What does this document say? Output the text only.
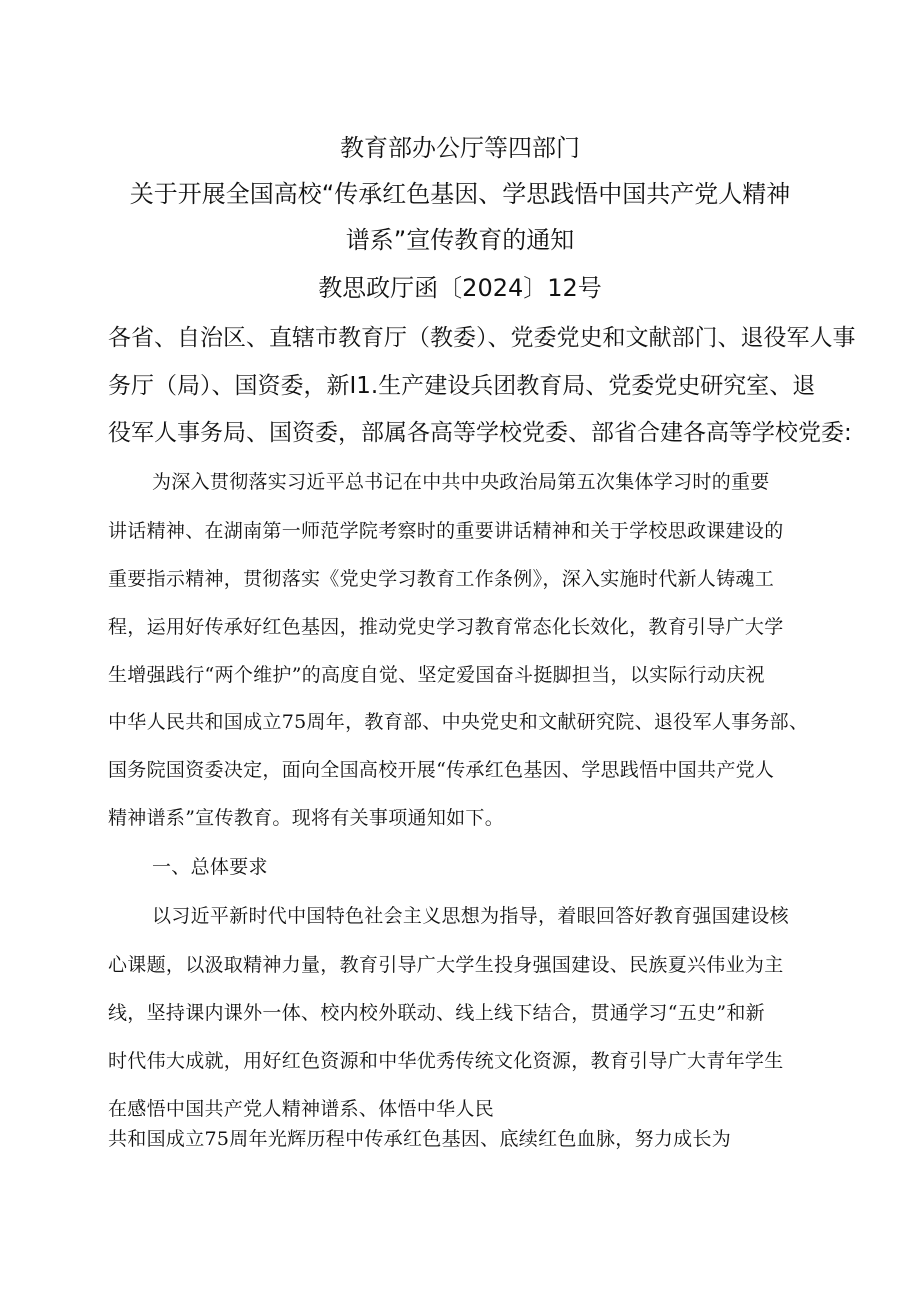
教育部办公厅等四部门

关于开展全国高校“传承红色基因、学思践悟中国共产党人精神

谱系”宣传教育的通知

教思政厅函〔2024〕12号

各省、自治区、直辖市教育厅（教委）、党委党史和文献部门、退役军人事

务厅（局）、国资委，新I1.生产建设兵团教育局、党委党史研究室、退

役军人事务局、国资委，部属各高等学校党委、部省合建各高等学校党委:

为深入贯彻落实习近平总书记在中共中央政治局第五次集体学习时的重要

讲话精神、在湖南第一师范学院考察时的重要讲话精神和关于学校思政课建设的

重要指示精神，贯彻落实《党史学习教育工作条例》，深入实施时代新人铸魂工

程，运用好传承好红色基因，推动党史学习教育常态化长效化，教育引导广大学

生增强践行“两个维护”的高度自觉、坚定爱国奋斗挺脚担当，以实际行动庆祝

中华人民共和国成立75周年，教育部、中央党史和文献研究院、退役军人事务部、

国务院国资委决定，面向全国高校开展“传承红色基因、学思践悟中国共产党人

精神谱系”宣传教育。现将有关事项通知如下。

一、总体要求

以习近平新时代中国特色社会主义思想为指导，着眼回答好教育强国建设核

心课题，以汲取精神力量，教育引导广大学生投身强国建设、民族夏兴伟业为主

线，坚持课内课外一体、校内校外联动、线上线下结合，贯通学习“五史”和新

时代伟大成就，用好红色资源和中华优秀传统文化资源，教育引导广大青年学生

在感悟中国共产党人精神谱系、体悟中华人民

共和国成立75周年光辉历程中传承红色基因、底续红色血脉，努力成长为
